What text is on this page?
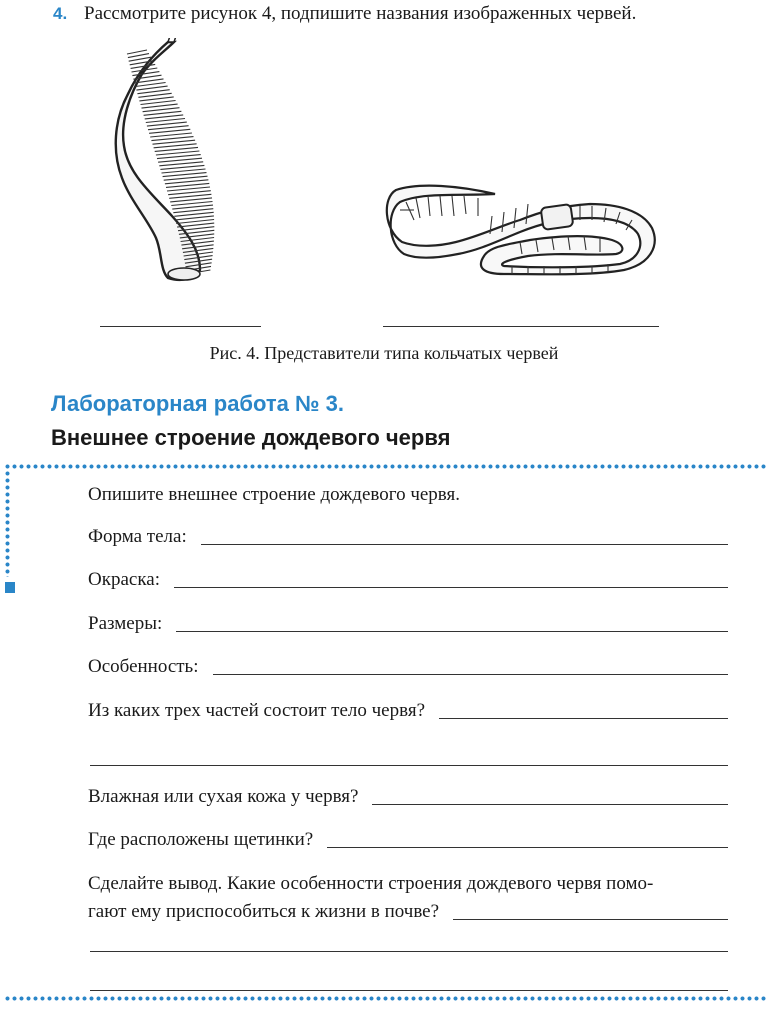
4. Рассмотрите рисунок 4, подпишите названия изображенных червей.
Рис. 4. Представители типа кольчатых червей
Лабораторная работа № 3.
Внешнее строение дождевого червя
Опишите внешнее строение дождевого червя.
Форма тела:
Окраска:
Размеры:
Особенность:
Из каких трех частей состоит тело червя?
Влажная или сухая кожа у червя?
Где расположены щетинки?
Сделайте вывод. Какие особенности строения дождевого червя помо-
гают ему приспособиться к жизни в почве?
